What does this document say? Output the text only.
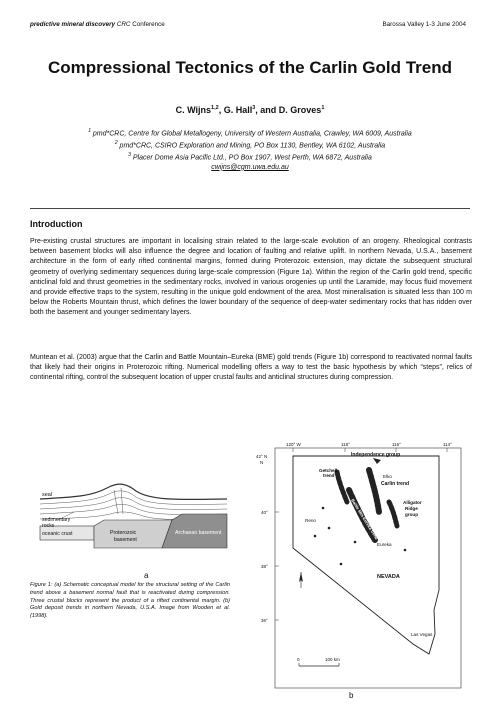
predictive mineral discovery CRC Conference	Barossa Valley 1-3 June 2004
Compressional Tectonics of the Carlin Gold Trend
C. Wijns$^{1,2}$, G. Hall$^3$, and D. Groves$^1$
$^1$ pmd*CRC, Centre for Global Metallogeny, University of Western Australia, Crawley, WA 6009, Australia
$^2$ pmd*CRC, CSIRO Exploration and Mining, PO Box 1130, Bentley, WA 6102, Australia
$^3$ Placer Dome Asia Pacific Ltd., PO Box 1907, West Perth, WA 6872, Australia
cwijns@cgm.uwa.edu.au
Introduction

Pre-existing crustal structures are important in localising strain related to the large-scale evolution of an orogeny. Rheological contrasts between basement blocks will also influence the degree and location of faulting and relative uplift. In northern Nevada, U.S.A., basement architecture in the form of early rifted continental margins, formed during Proterozoic extension, may dictate the subsequent structural geometry of overlying sedimentary sequences during large-scale compression (Figure 1a). Within the region of the Carlin gold trend, specific anticlinal fold and thrust geometries in the sedimentary rocks, involved in various orogenies up until the Laramide, may focus fluid movement and provide effective traps to the system, resulting in the unique gold endowment of the area. Most mineralisation is situated less than 100 m below the Roberts Mountain thrust, which defines the lower boundary of the sequence of deep-water sedimentary rocks that has ridden over both the basement and younger sedimentary layers.

Muntean et al. (2003) argue that the Carlin and Battle Mountain–Eureka (BME) gold trends (Figure 1b) correspond to reactivated normal faults that likely had their origins in Proterozoic rifting. Numerical modelling offers a way to test the basic hypothesis by which “steps”, relics of continental rifting, control the subsequent location of upper crustal faults and anticlinal structures during compression.

seal
sedimentary
rocks
oceanic crust	Proterozoic
basement
Archaean basement
a

Figure 1: (a) Schematic conceptual model for the structural setting of the Carlin trend above a basement normal fault that is reactivated during compression. Three crustal blocks represent the product of a rifted continental margin. (b) Gold deposit trends in northern Nevada, U.S.A. Image from Wooden et al. (1998).

120° W	118°	116°	114°
42° N
N
40°
38°
36°
Independence group
Getchell
trend	Elko
Carlin trend
Alligator
Ridge
group
Battle Mtn-Eureka trend
Reno
Eureka
NEVADA
Las Vegas
0	100 km
b
